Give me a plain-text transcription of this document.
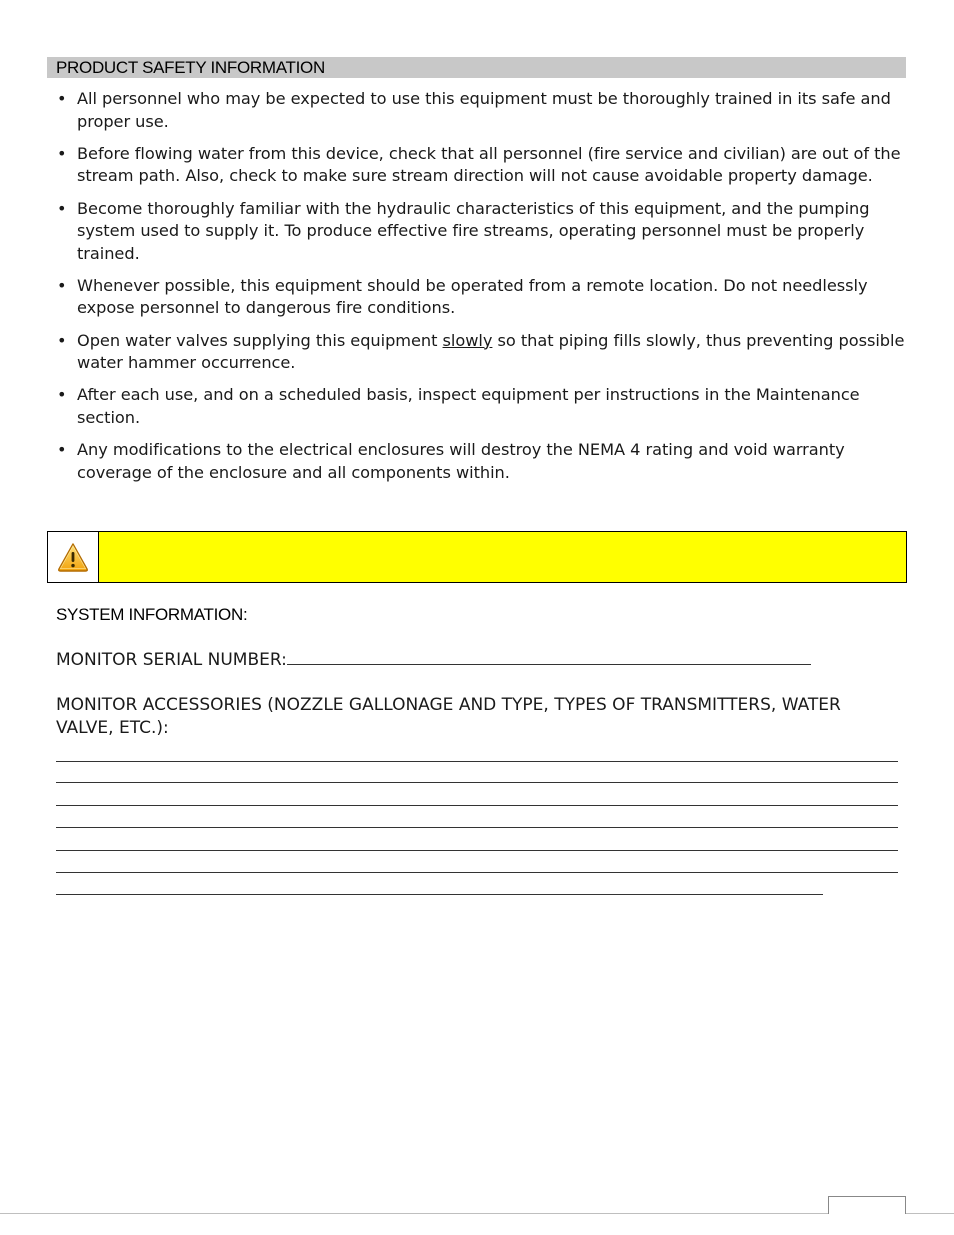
PRODUCT SAFETY INFORMATION
• All personnel who may be expected to use this equipment must be thoroughly trained in its safe and proper use.
• Before flowing water from this device, check that all personnel (fire service and civilian) are out of the stream path. Also, check to make sure stream direction will not cause avoidable property damage.
• Become thoroughly familiar with the hydraulic characteristics of this equipment, and the pumping system used to supply it. To produce effective fire streams, operating personnel must be properly trained.
• Whenever possible, this equipment should be operated from a remote location. Do not needlessly expose personnel to dangerous fire conditions.
• Open water valves supplying this equipment slowly so that piping fills slowly, thus preventing possible water hammer occurrence.
• After each use, and on a scheduled basis, inspect equipment per instructions in the Maintenance section.
• Any modifications to the electrical enclosures will destroy the NEMA 4 rating and void warranty coverage of the enclosure and all components within.
SYSTEM INFORMATION:
MONITOR SERIAL NUMBER:
MONITOR ACCESSORIES (NOZZLE GALLONAGE AND TYPE, TYPES OF TRANSMITTERS, WATER VALVE, ETC.):
